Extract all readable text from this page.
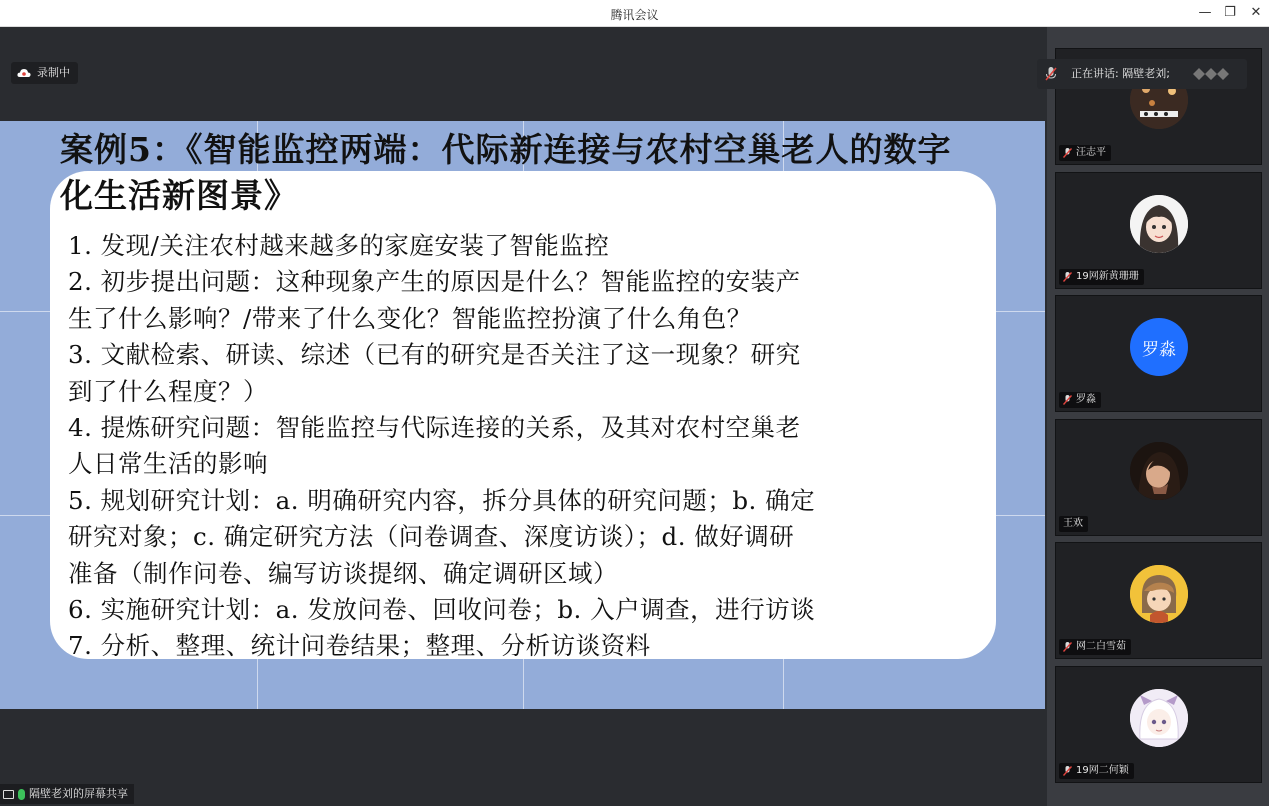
腾讯会议	— ❐	✕
录制中
案例5：《智能监控两端：代际新连接与农村空巢老人的数字化生活新图景》
1. 发现/关注农村越来越多的家庭安装了智能监控
2. 初步提出问题：这种现象产生的原因是什么？智能监控的安装产
生了什么影响？/带来了什么变化？智能监控扮演了什么角色？
3. 文献检索、研读、综述（已有的研究是否关注了这一现象？研究
到了什么程度？）
4. 提炼研究问题：智能监控与代际连接的关系，及其对农村空巢老
人日常生活的影响
5. 规划研究计划：a. 明确研究内容，拆分具体的研究问题；b. 确定
研究对象；c. 确定研究方法（问卷调查、深度访谈）；d. 做好调研
准备（制作问卷、编写访谈提纲、确定调研区域）
6. 实施研究计划：a. 发放问卷、回收问卷；b. 入户调查，进行访谈
7. 分析、整理、统计问卷结果；整理、分析访谈资料
隔壁老刘的屏幕共享
汪志平
19网新黄珊珊
罗淼
罗淼
王欢
网二白雪茹
19网二何颖
正在讲话: 隔壁老刘;
